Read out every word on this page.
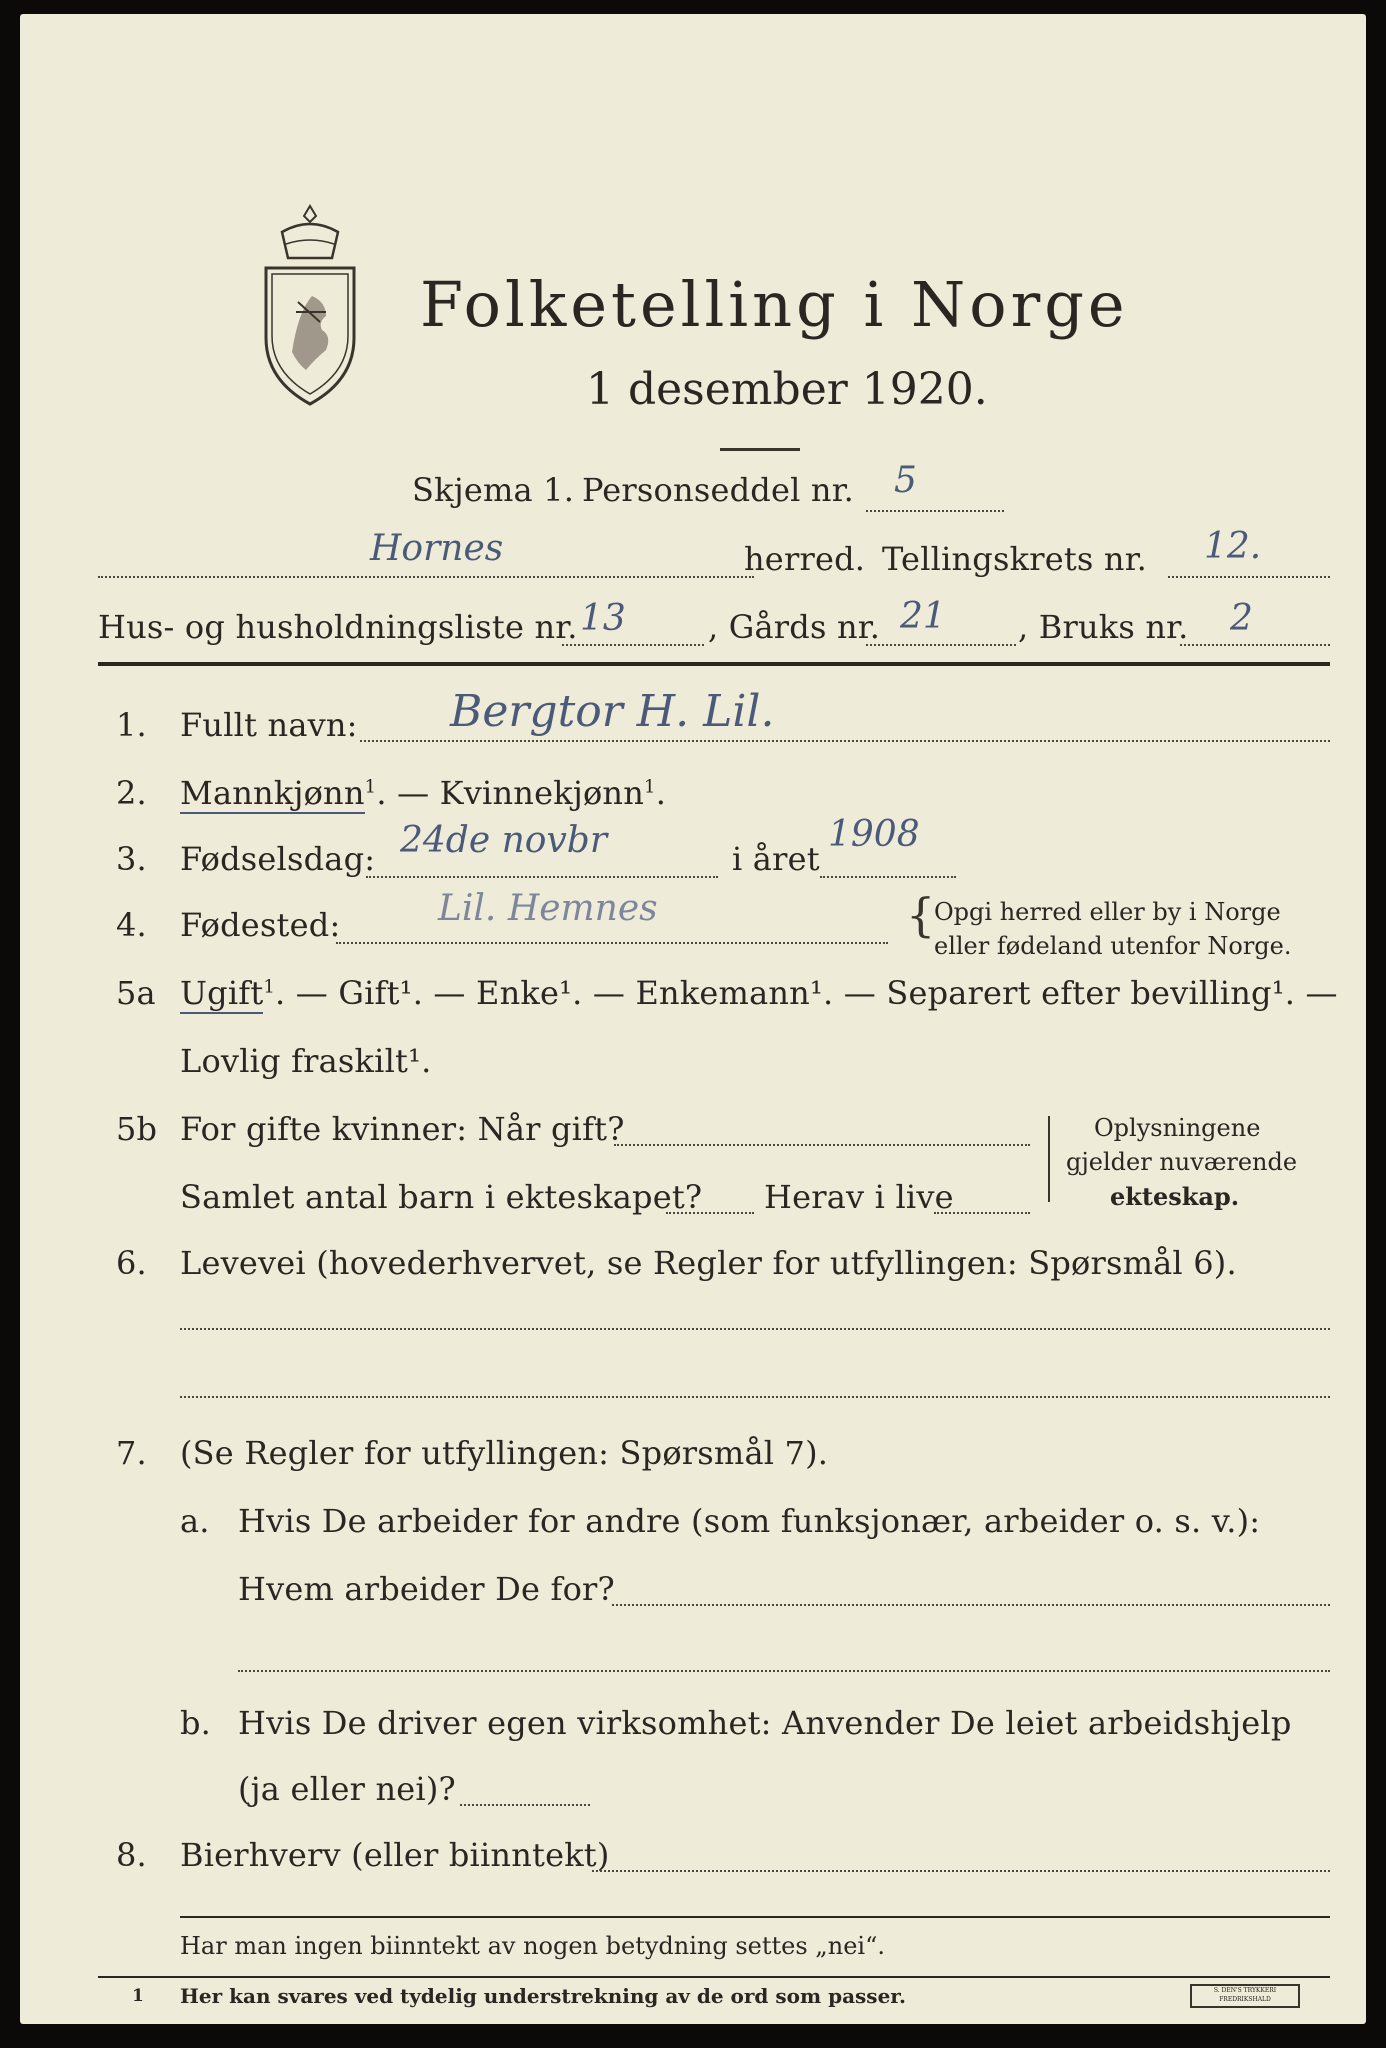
Folketelling i Norge
1 desember 1920.
Skjema 1. Personseddel nr. 5
Hornes	herred. Tellingskrets nr. 12.
Hus- og husholdningsliste nr. 13	, Gårds nr. 21 , Bruks nr. 2
1. Fullt navn: Bergtor H. Lil.
2. Mannkjønn$^1$. — Kvinnekjønn$^1$.
3. Fødselsdag: 24de novbr	i året
1908
4. Fødested:	Lil. Hemnes	{
Opgi herred eller by i Norge
eller fødeland utenfor Norge.
5a Ugift$^1$. — Gift¹. — Enke¹. — Enkemann¹. — Separert efter bevilling¹. —
Lovlig fraskilt¹.
5b For gifte kvinner: Når gift?
Samlet antal barn i ekteskapet? Herav i live
Oplysningene
gjelder nuværende
ekteskap.
6. Levevei (hovederhvervet, se Regler for utfyllingen: Spørsmål 6).
7. (Se Regler for utfyllingen: Spørsmål 7).
a. Hvis De arbeider for andre (som funksjonær, arbeider o. s. v.):
Hvem arbeider De for?
b. Hvis De driver egen virksomhet: Anvender De leiet arbeidshjelp
(ja eller nei)?
8. Bierhverv (eller biinntekt)
Har man ingen biinntekt av nogen betydning settes „nei“.
1 Her kan svares ved tydelig understrekning av de ord som passer.	S. DEN'S TRYKKERI FREDRIKSHALD
